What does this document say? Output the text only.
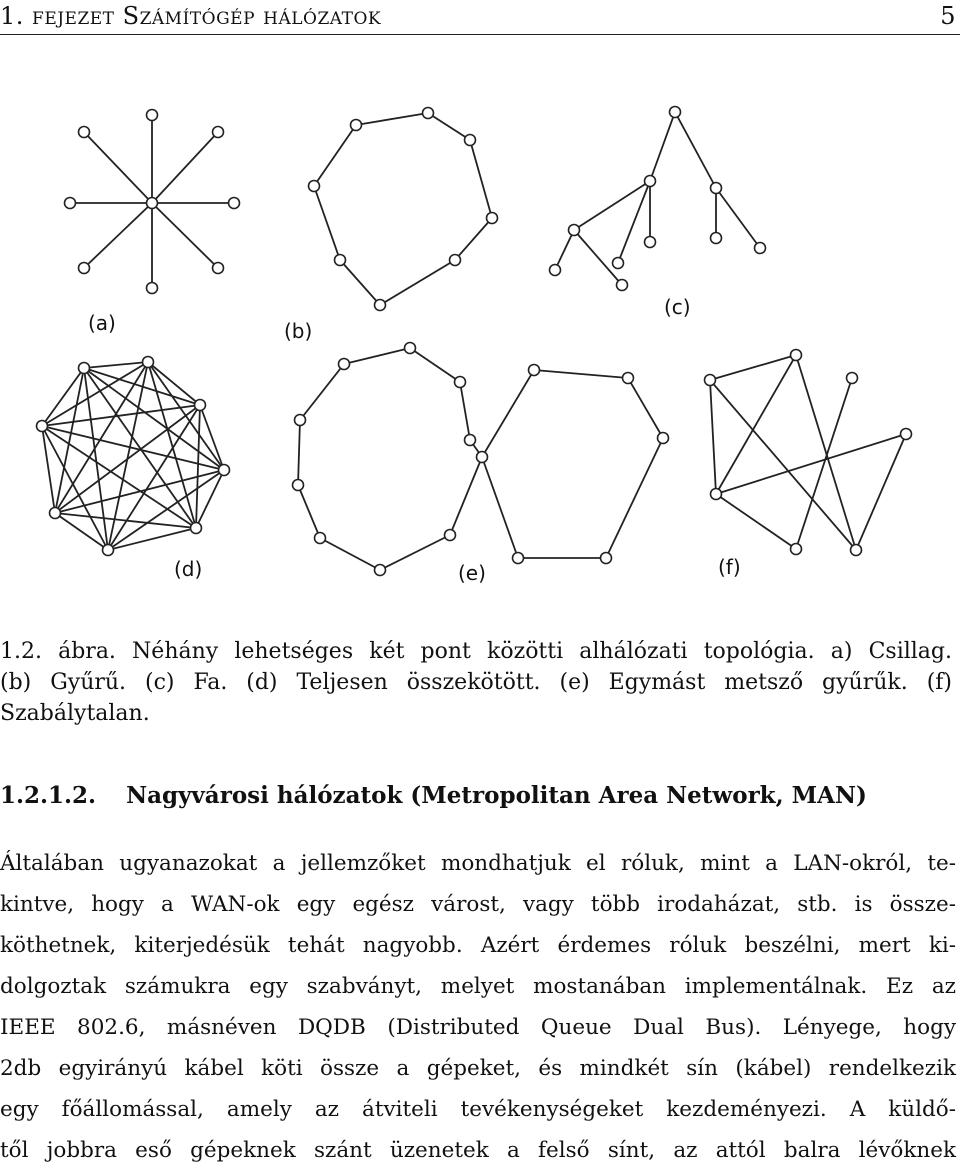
1. fejezet Számítógép hálózatok	5
(a)	(b)
(c)
(d)	(e)	(f)
1.2. ábra. Néhány lehetséges két pont közötti alhálózati topológia. a) Csillag.
(b) Gyűrű. (c) Fa. (d) Teljesen összekötött. (e) Egymást metsző gyűrűk. (f)
Szabálytalan.
1.2.1.2. Nagyvárosi hálózatok (Metropolitan Area Network, MAN)
Általában ugyanazokat a jellemzőket mondhatjuk el róluk, mint a LAN-okról, te-
kintve, hogy a WAN-ok egy egész várost, vagy több irodaházat, stb. is össze-
köthetnek, kiterjedésük tehát nagyobb. Azért érdemes róluk beszélni, mert ki-
dolgoztak számukra egy szabványt, melyet mostanában implementálnak. Ez az
IEEE 802.6, másnéven DQDB (Distributed Queue Dual Bus). Lényege, hogy
2db egyirányú kábel köti össze a gépeket, és mindkét sín (kábel) rendelkezik
egy főállomással, amely az átviteli tevékenységeket kezdeményezi. A küldő-
től jobbra eső gépeknek szánt üzenetek a felső sínt, az attól balra lévőknek
